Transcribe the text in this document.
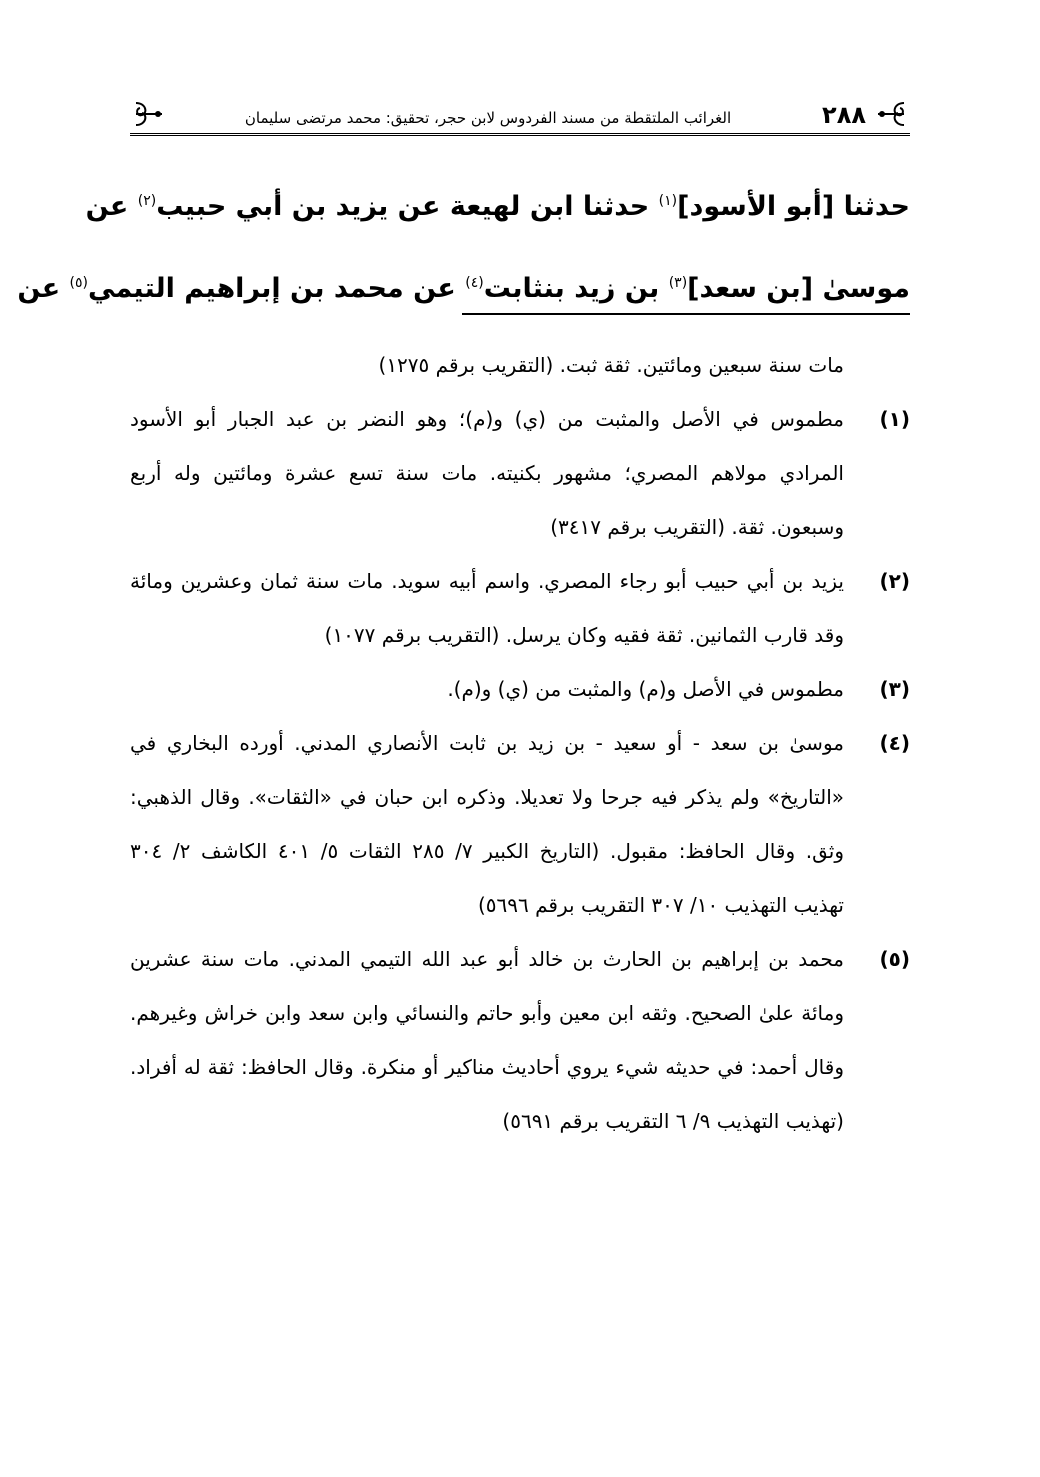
٢٨٨
الغرائب الملتقطة من مسند الفردوس لابن حجر، تحقيق: محمد مرتضى سليمان
حدثنا [أبو الأسود]$^{(١)}$ حدثنا ابن لهيعة عن يزيد بن أبي حبيب$^{(٢)}$ عن
موسىٰ [بن سعد]$^{(٣)}$ بن زيد بنثابت$^{(٤)}$ عن محمد بن إبراهيم التيمي$^{(٥)}$ عن
مات سنة سبعين ومائتين. ثقة ثبت. (التقريب برقم ١٢٧٥)
(١)
مطموس في الأصل والمثبت من (ي) و(م)؛ وهو النضر بن عبد الجبار أبو الأسود المرادي مولاهم المصري؛ مشهور بكنيته. مات سنة تسع عشرة ومائتين وله أربع وسبعون. ثقة. (التقريب برقم ٣٤١٧)
(٢)
يزيد بن أبي حبيب أبو رجاء المصري. واسم أبيه سويد. مات سنة ثمان وعشرين ومائة وقد قارب الثمانين. ثقة فقيه وكان يرسل. (التقريب برقم ١٠٧٧)
(٣)
مطموس في الأصل و(م) والمثبت من (ي) و(م).
(٤)
موسىٰ بن سعد - أو سعيد - بن زيد بن ثابت الأنصاري المدني. أورده البخاري في «التاريخ» ولم يذكر فيه جرحا ولا تعديلا. وذكره ابن حبان في «الثقات». وقال الذهبي: وثق. وقال الحافظ: مقبول. (التاريخ الكبير ٧/ ٢٨٥ الثقات ٥/ ٤٠١ الكاشف ٢/ ٣٠٤ تهذيب التهذيب ١٠/ ٣٠٧ التقريب برقم ٥٦٩٦)
(٥)
محمد بن إبراهيم بن الحارث بن خالد أبو عبد الله التيمي المدني. مات سنة عشرين ومائة علىٰ الصحيح. وثقه ابن معين وأبو حاتم والنسائي وابن سعد وابن خراش وغيرهم. وقال أحمد: في حديثه شيء يروي أحاديث مناكير أو منكرة. وقال الحافظ: ثقة له أفراد. (تهذيب التهذيب ٩/ ٦ التقريب برقم ٥٦٩١)
